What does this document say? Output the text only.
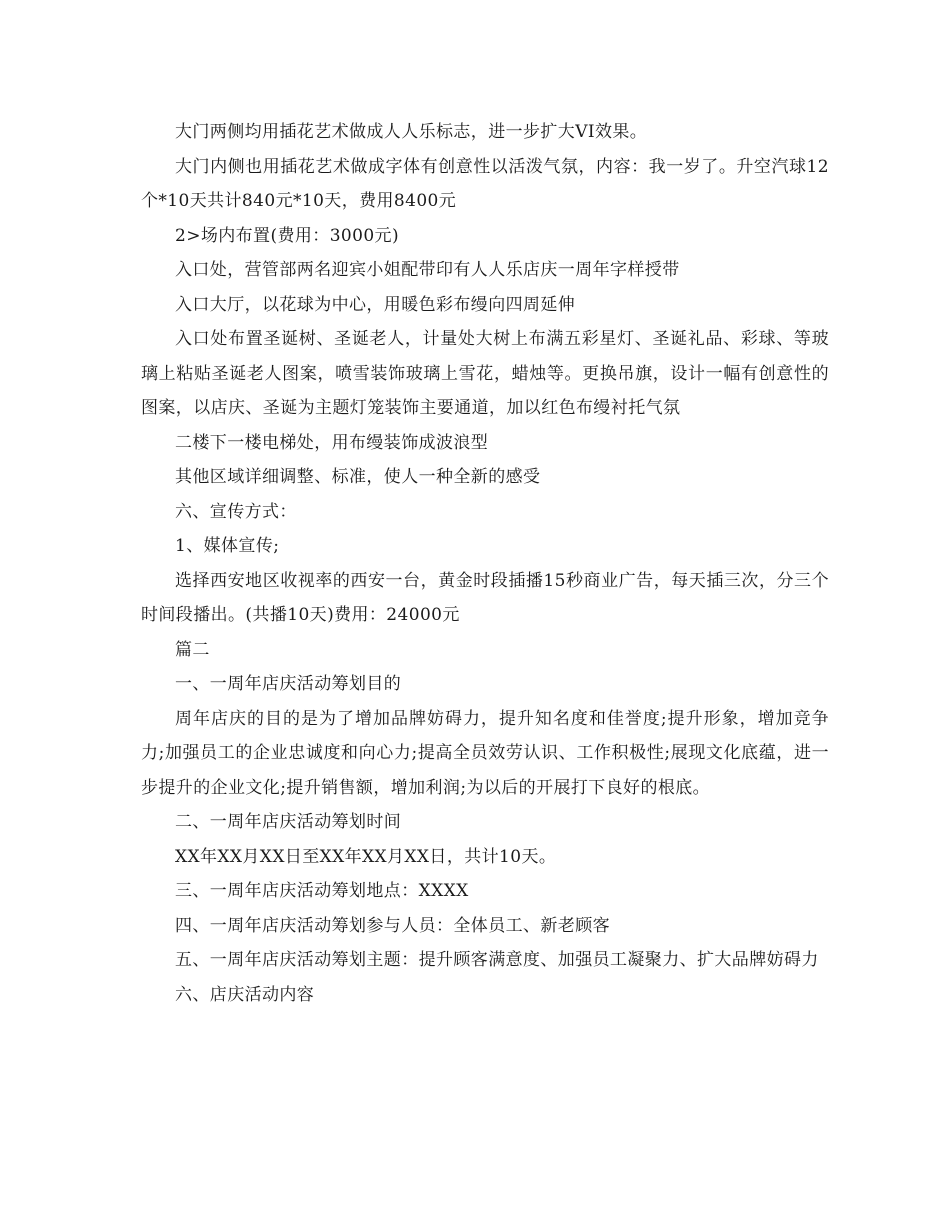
大门两侧均用插花艺术做成人人乐标志，进一步扩大VI效果。

大门内侧也用插花艺术做成字体有创意性以活泼气氛，内容：我一岁了。升空汽球12个*10天共计840元*10天，费用8400元

2>场内布置(费用：3000元)

入口处，营管部两名迎宾小姐配带印有人人乐店庆一周年字样授带

入口大厅，以花球为中心，用暖色彩布缦向四周延伸

入口处布置圣诞树、圣诞老人，计量处大树上布满五彩星灯、圣诞礼品、彩球、等玻璃上粘贴圣诞老人图案，喷雪装饰玻璃上雪花，蜡烛等。更换吊旗，设计一幅有创意性的图案，以店庆、圣诞为主题灯笼装饰主要通道，加以红色布缦衬托气氛

二楼下一楼电梯处，用布缦装饰成波浪型

其他区域详细调整、标准，使人一种全新的感受

六、宣传方式：

1、媒体宣传;

选择西安地区收视率的西安一台，黄金时段插播15秒商业广告，每天插三次，分三个时间段播出。(共播10天)费用：24000元

篇二

一、一周年店庆活动筹划目的

周年店庆的目的是为了增加品牌妨碍力，提升知名度和佳誉度;提升形象，增加竞争力;加强员工的企业忠诚度和向心力;提高全员效劳认识、工作积极性;展现文化底蕴，进一步提升的企业文化;提升销售额，增加利润;为以后的开展打下良好的根底。

二、一周年店庆活动筹划时间

XX年XX月XX日至XX年XX月XX日，共计10天。

三、一周年店庆活动筹划地点：XXXX

四、一周年店庆活动筹划参与人员：全体员工、新老顾客

五、一周年店庆活动筹划主题：提升顾客满意度、加强员工凝聚力、扩大品牌妨碍力

六、店庆活动内容
